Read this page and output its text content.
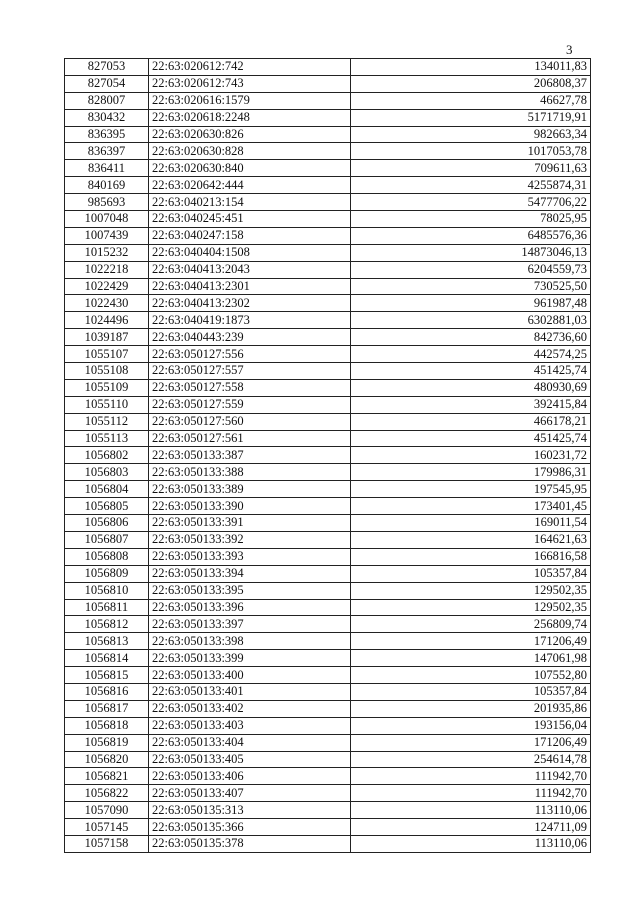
3
827053	22:63:020612:742	134011,83
827054	22:63:020612:743	206808,37
828007	22:63:020616:1579	46627,78
830432	22:63:020618:2248	5171719,91
836395	22:63:020630:826	982663,34
836397	22:63:020630:828	1017053,78
836411	22:63:020630:840	709611,63
840169	22:63:020642:444	4255874,31
985693	22:63:040213:154	5477706,22
1007048	22:63:040245:451	78025,95
1007439	22:63:040247:158	6485576,36
1015232	22:63:040404:1508	14873046,13
1022218	22:63:040413:2043	6204559,73
1022429	22:63:040413:2301	730525,50
1022430	22:63:040413:2302	961987,48
1024496	22:63:040419:1873	6302881,03
1039187	22:63:040443:239	842736,60
1055107	22:63:050127:556	442574,25
1055108	22:63:050127:557	451425,74
1055109	22:63:050127:558	480930,69
1055110	22:63:050127:559	392415,84
1055112	22:63:050127:560	466178,21
1055113	22:63:050127:561	451425,74
1056802	22:63:050133:387	160231,72
1056803	22:63:050133:388	179986,31
1056804	22:63:050133:389	197545,95
1056805	22:63:050133:390	173401,45
1056806	22:63:050133:391	169011,54
1056807	22:63:050133:392	164621,63
1056808	22:63:050133:393	166816,58
1056809	22:63:050133:394	105357,84
1056810	22:63:050133:395	129502,35
1056811	22:63:050133:396	129502,35
1056812	22:63:050133:397	256809,74
1056813	22:63:050133:398	171206,49
1056814	22:63:050133:399	147061,98
1056815	22:63:050133:400	107552,80
1056816	22:63:050133:401	105357,84
1056817	22:63:050133:402	201935,86
1056818	22:63:050133:403	193156,04
1056819	22:63:050133:404	171206,49
1056820	22:63:050133:405	254614,78
1056821	22:63:050133:406	111942,70
1056822	22:63:050133:407	111942,70
1057090	22:63:050135:313	113110,06
1057145	22:63:050135:366	124711,09
1057158	22:63:050135:378	113110,06
